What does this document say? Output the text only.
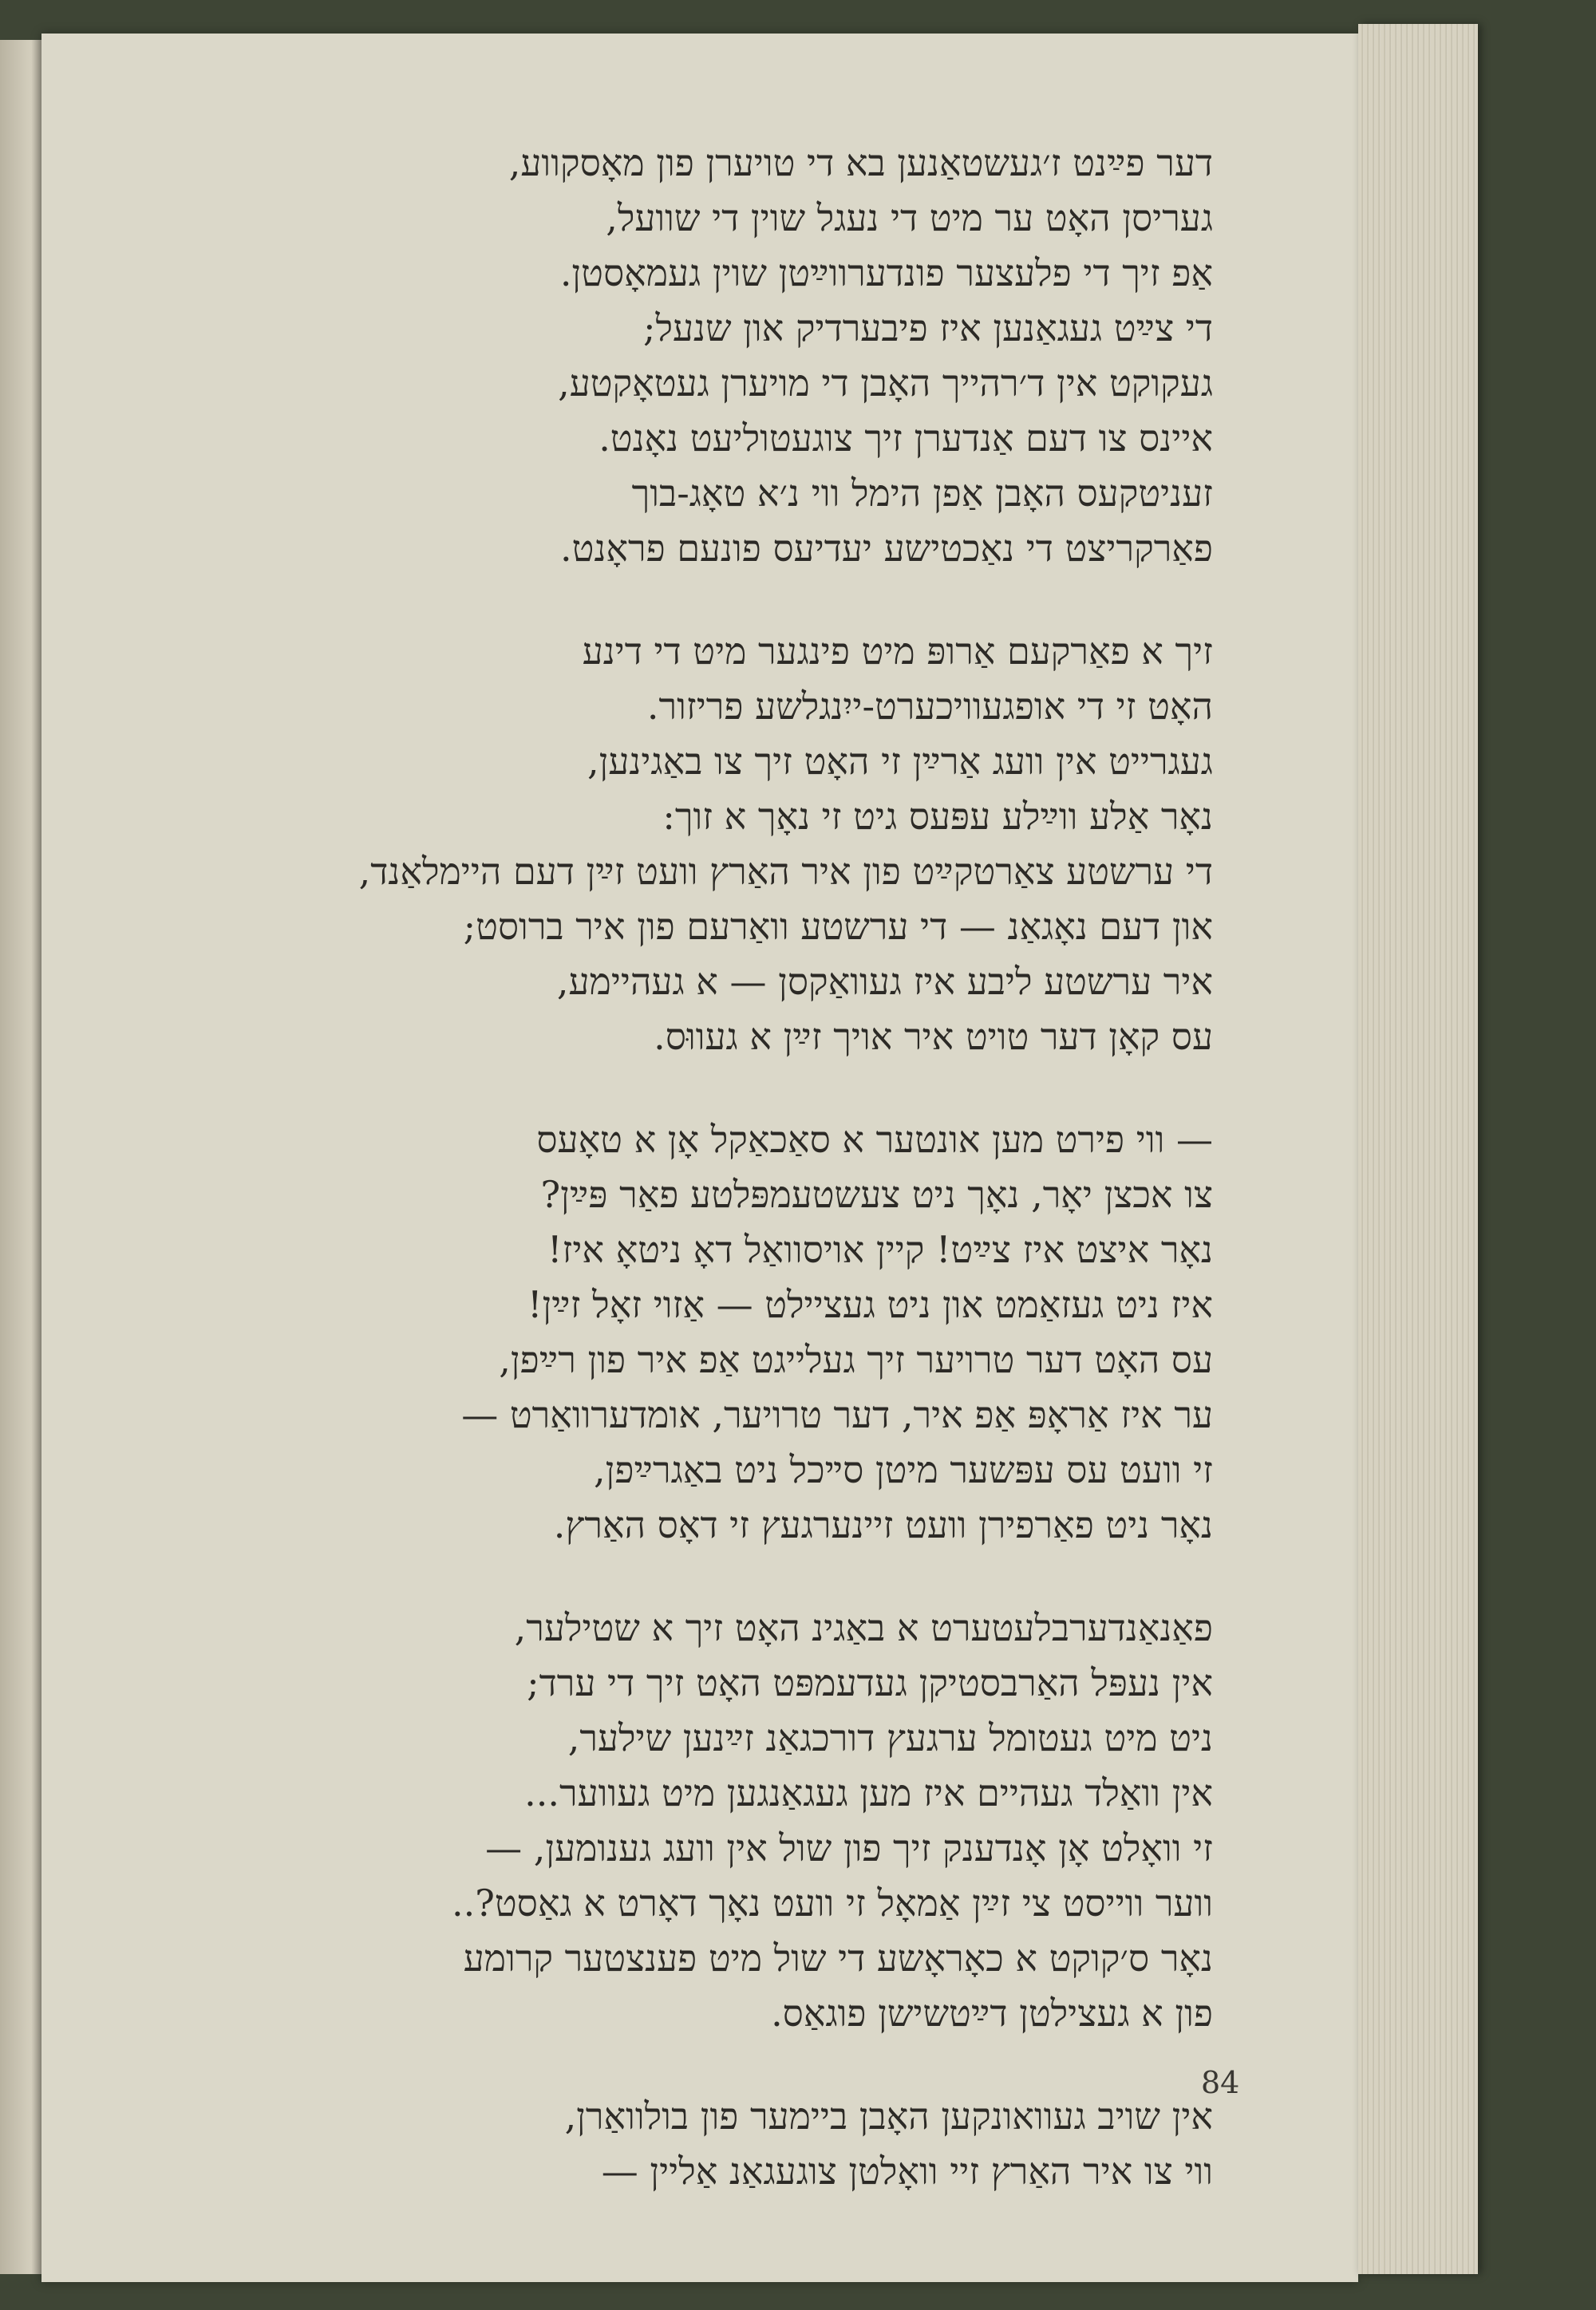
דער פײַנט ז׳געשטאַנען בא די טויערן פון מאָסקווע,
געריסן האָט ער מיט די נעגל שוין די שוועל,
אַפ זיך די פלעצער פונדערווײַטן שוין געמאָסטן.
די צײַט געגאַנען איז פיבערדיק און שנעל;
געקוקט אין ד׳רהייך האָבן די מויערן געטאָקטע,
איינס צו דעם אַנדערן זיך צוגעטוליעט נאָנט.
זעניטקעס האָבן אַפן הימל ווי נ׳א טאָג-בוך
פאַרקריצט די נאַכטישע יעדיעס פונעם פראָנט.
זיך א פאַרקעם אַרופּ מיט פינגער מיט די דינע
האָט זי די אופגעוויכערט-ייִנגלשע פריזור.
געגרייט אין וועג אַרײַן זי האָט זיך צו באַגינען,
נאָר אַלע ווײַלע עפּעס גיט זי נאָך א זוך:
די ערשטע צאַרטקײַט פון איר האַרץ וועט זײַן דעם היימלאַנד,
און דעם נאָגאַנ — די ערשטע וואַרעם פון איר ברוסט;
איר ערשטע ליבע איז געוואַקסן — א געהיימע,
עס קאָן דער טויט איר אויך זײַן א געווּס.
— ווי פירט מען אונטער א סאַכאַקל אָן א טאָעס
צו אכצן יאָר, נאָך ניט צעשטעמפּלטע פאַר פּײַן?
נאָר איצט איז צײַט! קיין אויסוואַל דאָ ניטאָ איז!
איז ניט געזאַמט און ניט געציילט — אַזוי זאָל זײַן!
עס האָט דער טרויער זיך געלייגט אַפ איר פון רײַפן,
ער איז אַראָפּ אַפ איר, דער טרויער, אומדערוואַרט —
זי וועט עס עפּשער מיטן סײכל ניט באַגרײַפן,
נאָר ניט פאַרפירן וועט זיינערגעץ זי דאָס האַרץ.
פאַנאַנדערבלעטערט א באַגינ האָט זיך א שטילער,
אין נעפּל האַרבסטיקן געדעמפּט האָט זיך די ערד;
ניט מיט געטומל ערגעץ דורכגאַנ זײַנען שילער,
אין וואַלד געהיים איז מען געגאַנגען מיט געווער...
זי וואָלט אָן אָנדענק זיך פון שול אין וועג גענומען, —
ווער ווייסט צי זײַן אַמאָל זי וועט נאָך דאָרט א גאַסט?..
נאָר ס׳קוקט א כאָראָשע די שול מיט פענצטער קרומע
פון א געצילטן דײַטשישן פוגאַס.
אין שויב געוואונקען האָבן ביימער פון בולוואַרן,
ווי צו איר האַרץ זיי וואָלטן צוגעגאַנ אַליין —
84
